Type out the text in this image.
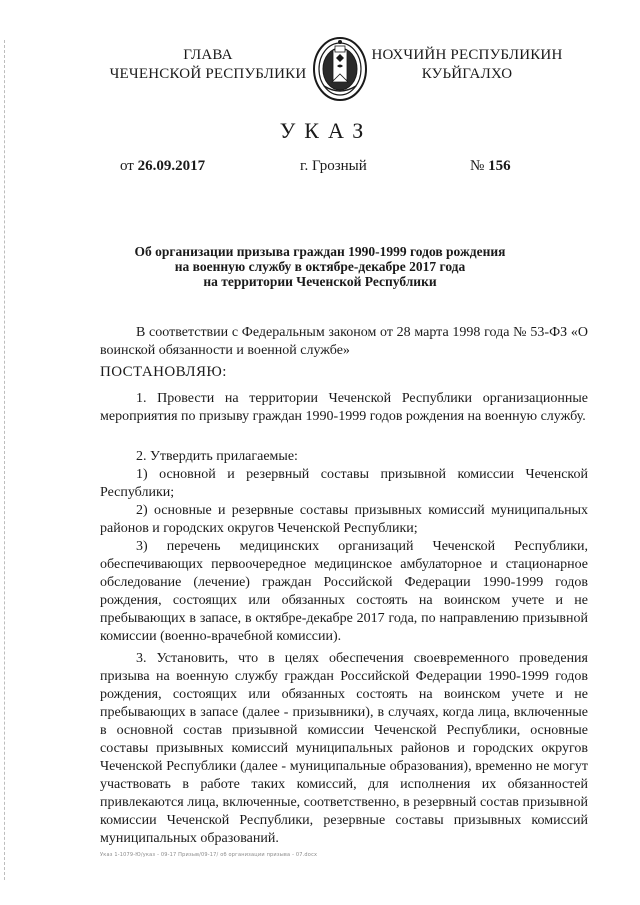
ГЛАВА
ЧЕЧЕНСКОЙ РЕСПУБЛИКИ
НОХЧИЙН РЕСПУБЛИКИН
КУЬЙГАЛХО
УКАЗ
от 26.09.2017	г. Грозный	№ 156
Об организации призыва граждан 1990-1999 годов рождения
на военную службу в октябре-декабре 2017 года
на территории Чеченской Республики

В соответствии с Федеральным законом от 28 марта 1998 года № 53-ФЗ «О воинской обязанности и военной службе»

ПОСТАНОВЛЯЮ:

1. Провести на территории Чеченской Республики организационные мероприятия по призыву граждан 1990-1999 годов рождения на военную службу.

2. Утвердить прилагаемые:

1) основной и резервный составы призывной комиссии Чеченской Республики;

2) основные и резервные составы призывных комиссий муниципальных районов и городских округов Чеченской Республики;

3) перечень медицинских организаций Чеченской Республики, обеспечивающих первоочередное медицинское амбулаторное и стационарное обследование (лечение) граждан Российской Федерации 1990-1999 годов рождения, состоящих или обязанных состоять на воинском учете и не пребывающих в запасе, в октябре-декабре 2017 года, по направлению призывной комиссии (военно-врачебной комиссии).

3. Установить, что в целях обеспечения своевременного проведения призыва на военную службу граждан Российской Федерации 1990-1999 годов рождения, состоящих или обязанных состоять на воинском учете и не пребывающих в запасе (далее - призывники), в случаях, когда лица, включенные в основной состав призывной комиссии Чеченской Республики, основные составы призывных комиссий муниципальных районов и городских округов Чеченской Республики (далее - муниципальные образования), временно не могут участвовать в работе таких комиссий, для исполнения их обязанностей привлекаются лица, включенные, соответственно, в резервный состав призывной комиссии Чеченской Республики, резервные составы призывных комиссий муниципальных образований.

Указ 1-1079-Ю/указ - 09-17 Призыв/09-17/ об организации призыва - 07.docx
